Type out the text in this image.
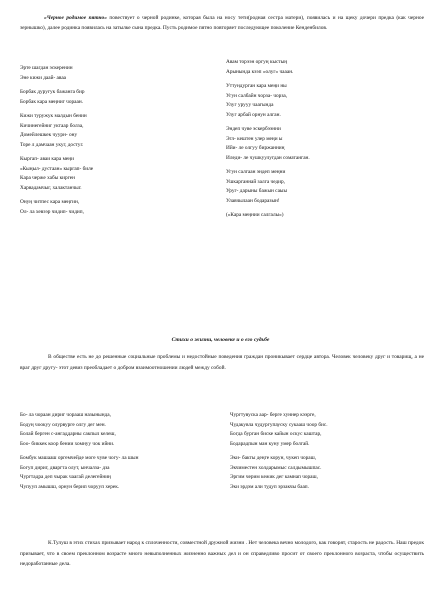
«Черное родимое пятно» повествует о черной родинке, которая была на носу тети(родная сестра матери), появилась и на щеку дочери предка (как черное зернышко), далее родинка появилась на затылке сына предка. Пусть родимое пятно повторяет последующее поколение Кенденбилов.

Эрте шагдан эскеренин
Эне кижи даай- аваа
Борбак дуругук бажанга бир
Борбак кара меңниг чораан.
Кижи туружук малдын бенин
Кичинегейниг уктаар болза,
Домейлешкек чуурн- ону
Торе л дамчаан укуг, достуг.
Кыргап- аваи кара меңи
«Кыңыл- дустаан» кыргап- биле
Кара черже хабы кирген
Харвадамчыг, халактанчыг.
Онуң читпес кара меңгин,
Ол- ла хевээр чидип- чидип,
Авам торээн оргуң кыстың
Арынында кээп «олуг» чааан.
Уттундурган кара меңи ны
Угун салбайн чорза- чорза,
Улуг урууу чаагында
Улуг арбай орнун алган.
Эндеп чуве эскербээнни
Эгл- кештен улер меңи ы
Ийи- ле олгуу биржанниң
Иледи- ле чушкуулугдан соматанган.
Угун салгаан эндеп меңни
Ушкарганнай залга чедир,
Уруг- дарыны бажын саыы
Улавчылаан бодаразын!
(«Кара меңнии салгалы»)
Стихи о жизни, человеке и о его судьбе

В обществе есть не до решенные социальные проблемы и недостойные поведения граждан проникывает сердце автора. Человек человеку друг и товарищ, а не враг друг другу- этот девиз преобладает о добром взаимоотношении людей между собой.

Бо- ла чораан дириг чорааш назынында,
Бодуң чоокуу олурвургe олгу дег мен.
Болай берген с-ангаддарны сакпыл келеш,
Боо- биккек коор бении хомнуу чок ийни.
Бомбук машааш оргемчейде моге чуве чогу- ла шын
Богуп дириг, дваргта олут, ынчалза- дза
Чургтадра деп чырак чаагай делегейниң
Чупууп амышш, орнун берип чорууп херек.
Чургтувуска аар- берге хуннер кээрге,
Чудакувла чудургупауску сукааш чоор бис.
Богда бурган биске кайын оскус каштар,
Бодарадпын ман куну умер болгай.
Эки- бакты деңге корун, чукеп чораш,
Экчиместен холдарымыс салдымышпас.
Эргим черим кежик дег камнап чораш,
Эки эрдэм али тудуп эрзакчы баап.

К.Тулуш в этих стихах призывает народ к сплоченности, совместной дружной жизни . Нет человека вечно молодого, как говорят, старость не радость. Наш предок призывает, что в своем преклонном возрасте много невыполненных жизненно важных дел и он справедливо просит от своего преклонного возраста, чтобы осуществить недоработанные дела.
